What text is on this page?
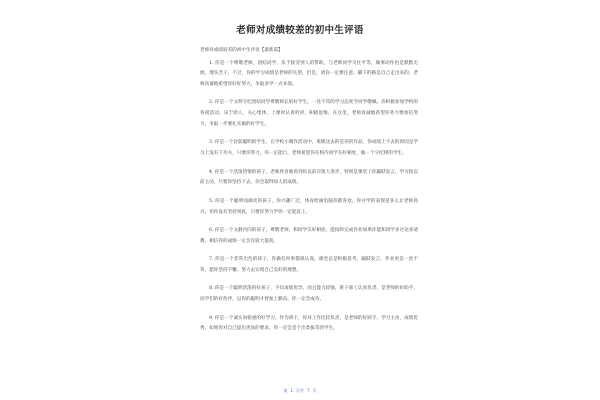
老师对成绩较差的初中生评语

老师对成绩较差的初中生评语【最新篇】

1. 你是一个尊敬老师，团结同学，乐于接受别人的帮助，与老师同学交往平等，做事动作也是默默无闻，埋头苦干，不过，你的学习成绩是老师的失望，但是，请你一定要注意，脚下的路是自己走出来的，老师真诚地希望你好好努力，争取多学一点本领。

2. 你是一个文明守纪团结同学尊敬师长的好学生。一丝不苟的学习态度令同学敬佩。你积极参加学校的各项活动，乐于助人，关心集体，上课时认真听讲，积极思维，在这里，老师真诚地希望你务力要加倍努力，争取一步要扎实做的好学生。

3. 你是一个比较聪明的学生，在学校小制作活动中，班级送去的是你的作品，你成绩上不去的原因是学习上没有下功夫，只要你努力，你一定能行，老师希望你在校内同学友好相处，做一个守纪律的学生。

4. 你是一个活泼热情的孩子，老师欣喜地看到你以前有很大进步，特别是课堂上你踊跃发言，学习较以前主动，只要你坚持下去，你会取得惊人的成绩。

5. 你是一个聪明而顽皮的孩子，你兴趣广泛，体育绘画电脑你都喜欢，你并学的表现是多么让老师高兴，但你没有坚持到底，只要你努力学你一定能赶上。

6. 你是一个文静内向的孩子，尊敬老师，和同学友好相处。能按时完成作业如果你能和同学多讨论多请教，相信你的成绩一定会有较大提高。

7. 你是一个非常出色的孩子，你做任何事都很认真，课堂总是积极思考，踊跃发言，作业更是一丝不苟，愿你坚持不懈，努力去实现自己美好的理想。

8. 你是一个聪明活泼的好孩子，不仅成绩优异，而且能力较强，班干部工认真负责，是老师的好助手，同学们的好伙伴，以你的聪明才智加上勤奋，你一定会成功。

9. 你是一个诚实而稳重的好学习。作为班干，你对工作比较负责，是老师的好助手，学习主动，成绩优秀，如果你对自己提出更高的要求，你一定会是个出类拔萃的学生。

第 1 页共 7 页
